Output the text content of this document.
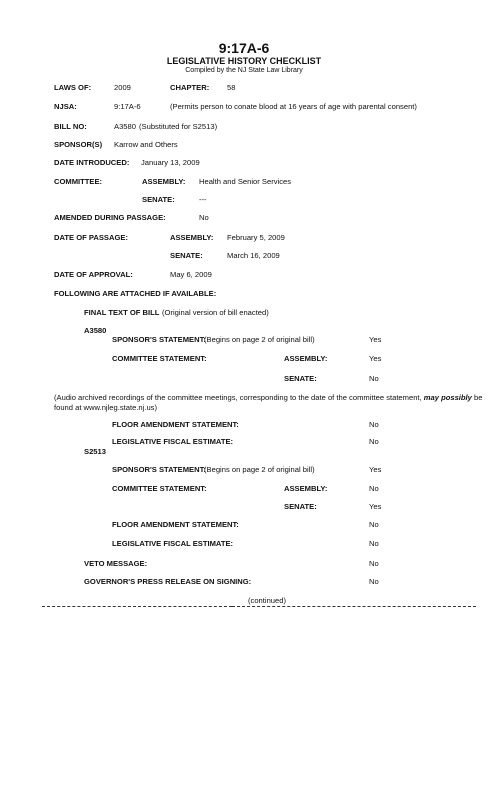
9:17A-6
LEGISLATIVE HISTORY CHECKLIST
Compiled by the NJ State Law Library
LAWS OF:	2009	CHAPTER: 58
NJSA:	9:17A-6	(Permits person to conate blood at 16 years of age with parental consent)
BILL NO:	A3580 (Substituted for S2513)
SPONSOR(S) Karrow and Others
DATE INTRODUCED: January 13, 2009
COMMITTEE:	ASSEMBLY: Health and Senior Services
SENATE:	---
AMENDED DURING PASSAGE:	No
DATE OF PASSAGE:	ASSEMBLY: February 5, 2009
SENATE:	March 16, 2009
DATE OF APPROVAL:	May 6, 2009
FOLLOWING ARE ATTACHED IF AVAILABLE:
FINAL TEXT OF BILL (Original version of bill enacted)
A3580
SPONSOR'S STATEMENT:
(Begins on page 2 of original bill)	Yes
COMMITTEE STATEMENT:	ASSEMBLY:	Yes
SENATE:	No
(Audio archived recordings of the committee meetings, corresponding to the date of the committee statement, may possibly be found at www.njleg.state.nj.us)
FLOOR AMENDMENT STATEMENT:	No
LEGISLATIVE FISCAL ESTIMATE:	No
S2513
SPONSOR'S STATEMENT:
(Begins on page 2 of original bill)	Yes
COMMITTEE STATEMENT:	ASSEMBLY:	No
SENATE:	Yes
FLOOR AMENDMENT STATEMENT:	No
LEGISLATIVE FISCAL ESTIMATE:	No
VETO MESSAGE:	No
GOVERNOR'S PRESS RELEASE ON SIGNING:	No
(continued)
